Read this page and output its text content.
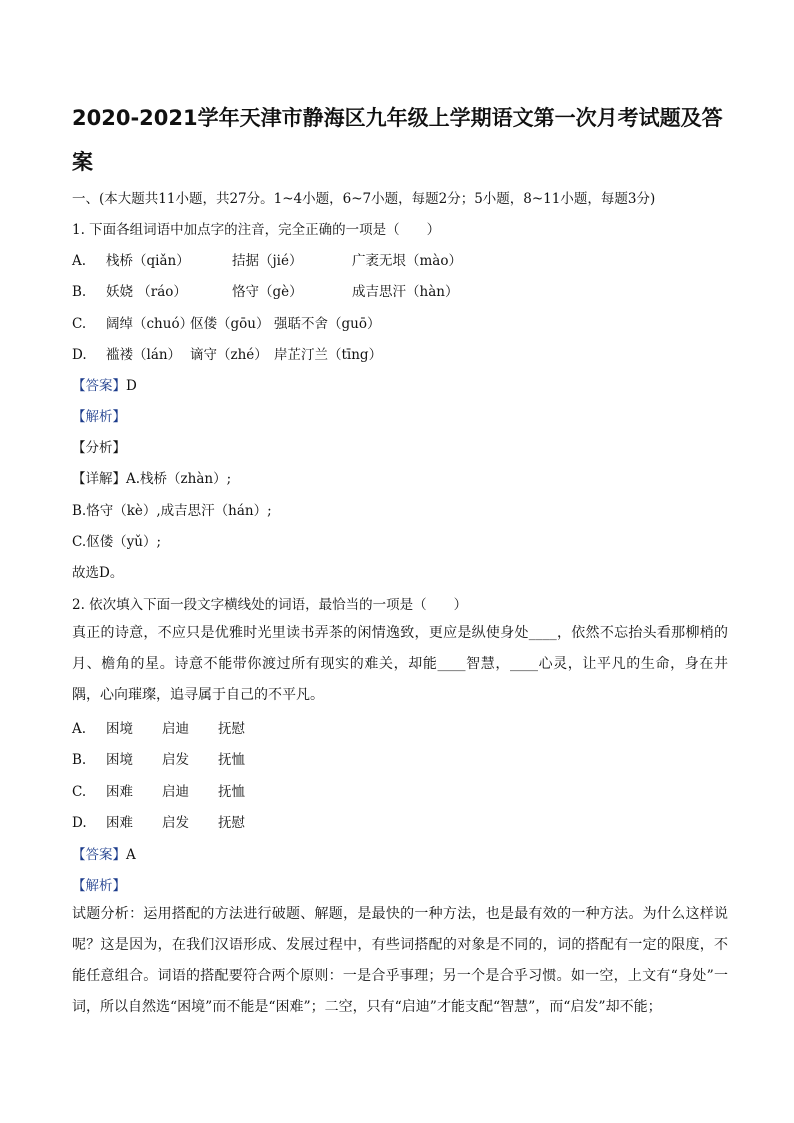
2020-2021学年天津市静海区九年级上学期语文第一次月考试题及答案
一、(本大题共11小题，共27分。1~4小题，6~7小题，每题2分；5小题，8~11小题，每题3分)
1. 下面各组词语中加点字的注音，完全正确的一项是（　　）
A. 栈桥（qiǎn）	拮据（jié）	广袤无垠（mào）
B. 妖娆 （ráo）	恪守（gè）	成吉思汗（hàn）
C. 阔绰（chuó）伛偻（gōu） 强聒不舍（guō）
D. 褴褛（lán） 谪守（zhé） 岸芷汀兰（tīng）
【答案】D
【解析】
【分析】
【详解】A.栈桥（zhàn）;
B.恪守（kè）,成吉思汗（hán）;
C.伛偻（yǔ）;
故选D。
2. 依次填入下面一段文字横线处的词语，最恰当的一项是（　　）
真正的诗意，不应只是优雅时光里读书弄茶的闲情逸致，更应是纵使身处____，依然不忘抬头看那柳梢的月、檐角的星。诗意不能带你渡过所有现实的难关，却能____智慧，____心灵，让平凡的生命，身在井隅，心向璀璨，追寻属于自己的不平凡。
A. 困境 启迪 抚慰
B. 困境 启发 抚恤
C. 困难 启迪 抚恤
D. 困难 启发 抚慰
【答案】A
【解析】
试题分析：运用搭配的方法进行破题、解题，是最快的一种方法，也是最有效的一种方法。为什么这样说呢？这是因为，在我们汉语形成、发展过程中，有些词搭配的对象是不同的，词的搭配有一定的限度，不能任意组合。词语的搭配要符合两个原则：一是合乎事理；另一个是合乎习惯。如一空，上文有“身处”一词，所以自然选“困境”而不能是“困难”；二空，只有“启迪”才能支配“智慧”，而“启发”却不能；
